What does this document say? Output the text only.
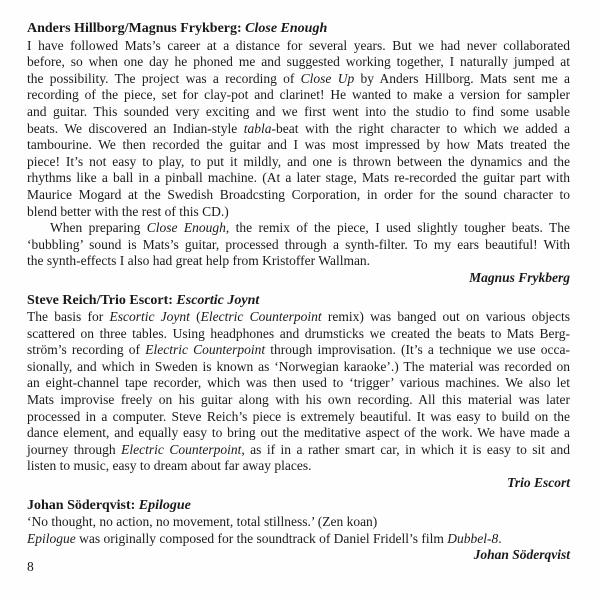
Anders Hillborg/Magnus Frykberg: Close Enough
I have followed Mats’s career at a distance for several years. But we had never collaborated
before, so when one day he phoned me and suggested working together, I naturally jumped at
the possibility. The project was a recording of Close Up by Anders Hillborg. Mats sent me a
recording of the piece, set for clay-pot and clarinet! He wanted to make a version for sampler
and guitar. This sounded very exciting and we first went into the studio to find some usable
beats. We discovered an Indian-style tabla-beat with the right character to which we added a
tambourine. We then recorded the guitar and I was most impressed by how Mats treated the
piece! It’s not easy to play, to put it mildly, and one is thrown between the dynamics and the
rhythms like a ball in a pinball machine. (At a later stage, Mats re-recorded the guitar part with
Maurice Mogard at the Swedish Broadcsting Corporation, in order for the sound character to
blend better with the rest of this CD.)
When preparing Close Enough, the remix of the piece, I used slightly tougher beats. The
‘bubbling’ sound is Mats’s guitar, processed through a synth-filter. To my ears beautiful! With
the synth-effects I also had great help from Kristoffer Wallman.
Magnus Frykberg
Steve Reich/Trio Escort: Escortic Joynt
The basis for Escortic Joynt (Electric Counterpoint remix) was banged out on various objects
scattered on three tables. Using headphones and drumsticks we created the beats to Mats Berg-
ström’s recording of Electric Counterpoint through improvisation. (It’s a technique we use occa-
sionally, and which in Sweden is known as ‘Norwegian karaoke’.) The material was recorded on
an eight-channel tape recorder, which was then used to ‘trigger’ various machines. We also let
Mats improvise freely on his guitar along with his own recording. All this material was later
processed in a computer. Steve Reich’s piece is extremely beautiful. It was easy to build on the
dance element, and equally easy to bring out the meditative aspect of the work. We have made a
journey through Electric Counterpoint, as if in a rather smart car, in which it is easy to sit and
listen to music, easy to dream about far away places.
Trio Escort
Johan Söderqvist: Epilogue
‘No thought, no action, no movement, total stillness.’ (Zen koan)
Epilogue was originally composed for the soundtrack of Daniel Fridell’s film Dubbel-8.
Johan Söderqvist
8
